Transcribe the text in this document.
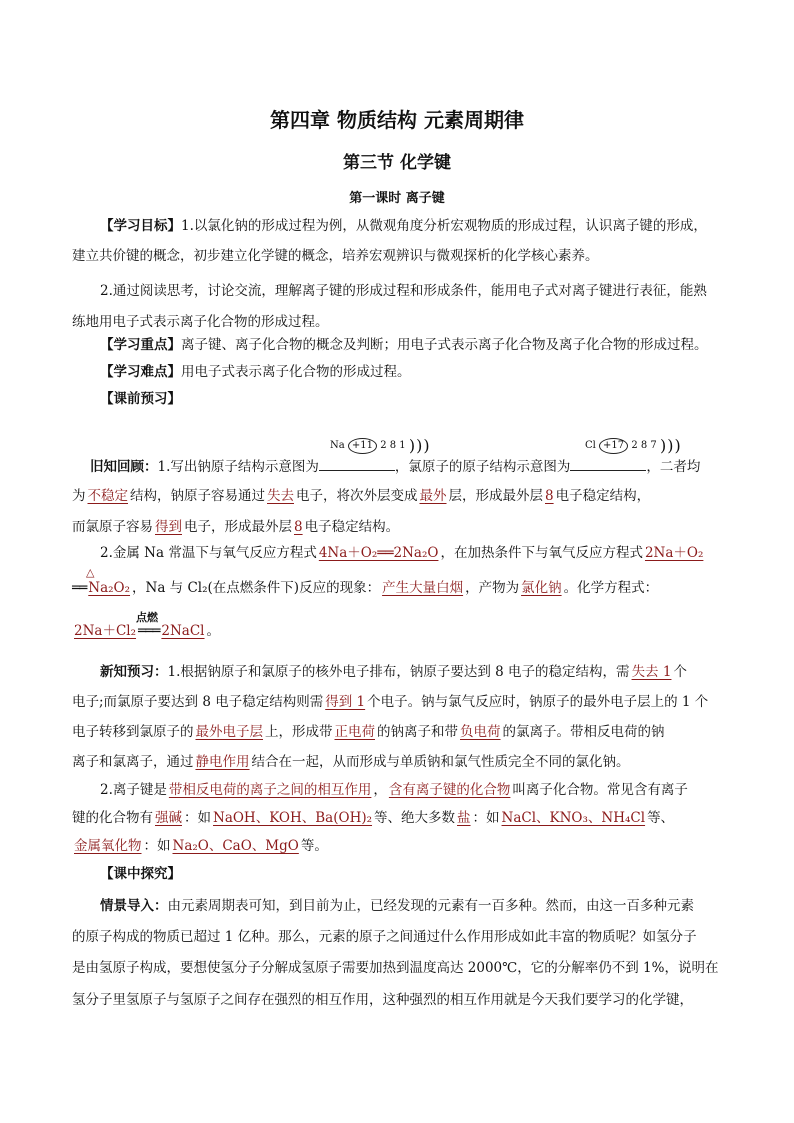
第四章 物质结构 元素周期律
第三节 化学键
第一课时 离子键
【学习目标】1.以氯化钠的形成过程为例，从微观角度分析宏观物质的形成过程，认识离子键的形成，
建立共价键的概念，初步建立化学键的概念，培养宏观辨识与微观探析的化学核心素养。
2.通过阅读思考，讨论交流，理解离子键的形成过程和形成条件，能用电子式对离子键进行表征，能熟
练地用电子式表示离子化合物的形成过程。
【学习重点】离子键、离子化合物的概念及判断；用电子式表示离子化合物及离子化合物的形成过程。
【学习难点】用电子式表示离子化合物的形成过程。
【课前预习】
Na +11 2 8 1 )))	Cl +17 2 8 7 )))
旧知回顾：1.写出钠原子结构示意图为	，氯原子的原子结构示意图为	，二者均
为 不稳定 结构，钠原子容易通过 失去 电子，将次外层变成 最外 层，形成最外层 8 电子稳定结构，
而氯原子容易 得到 电子，形成最外层 8 电子稳定结构。
2.金属 Na 常温下与氧气反应方程式 4Na＋O₂══2Na₂O ，在加热条件下与氧气反应方程式 2Na＋O₂
△
══ Na₂O₂ ，Na 与 Cl₂(在点燃条件下)反应的现象： 产生大量白烟 ，产物为 氯化钠 。化学方程式：
点燃
2Na＋Cl₂ ═══ 2NaCl 。
新知预习：1.根据钠原子和氯原子的核外电子排布，钠原子要达到 8 电子的稳定结构，需 失去 1 个
电子;而氯原子要达到 8 电子稳定结构则需 得到 1 个电子。钠与氯气反应时，钠原子的最外电子层上的 1 个
电子转移到氯原子的 最外电子层 上，形成带 正电荷 的钠离子和带 负电荷 的氯离子。带相反电荷的钠
离子和氯离子，通过 静电作用 结合在一起，从而形成与单质钠和氯气性质完全不同的氯化钠。
2.离子键是 带相反电荷的离子之间的相互作用 ， 含有离子键的化合物 叫离子化合物。常见含有离子
键的化合物有 强碱 ：如 NaOH、KOH、Ba(OH)₂ 等、绝大多数 盐 ：如 NaCl、KNO₃、NH₄Cl 等、
金属氧化物 ：如 Na₂O、CaO、MgO 等。
【课中探究】
情景导入：由元素周期表可知，到目前为止，已经发现的元素有一百多种。然而，由这一百多种元素
的原子构成的物质已超过 1 亿种。那么，元素的原子之间通过什么作用形成如此丰富的物质呢？如氢分子
是由氢原子构成，要想使氢分子分解成氢原子需要加热到温度高达 2000℃，它的分解率仍不到 1%，说明在
氢分子里氢原子与氢原子之间存在强烈的相互作用，这种强烈的相互作用就是今天我们要学习的化学键，
